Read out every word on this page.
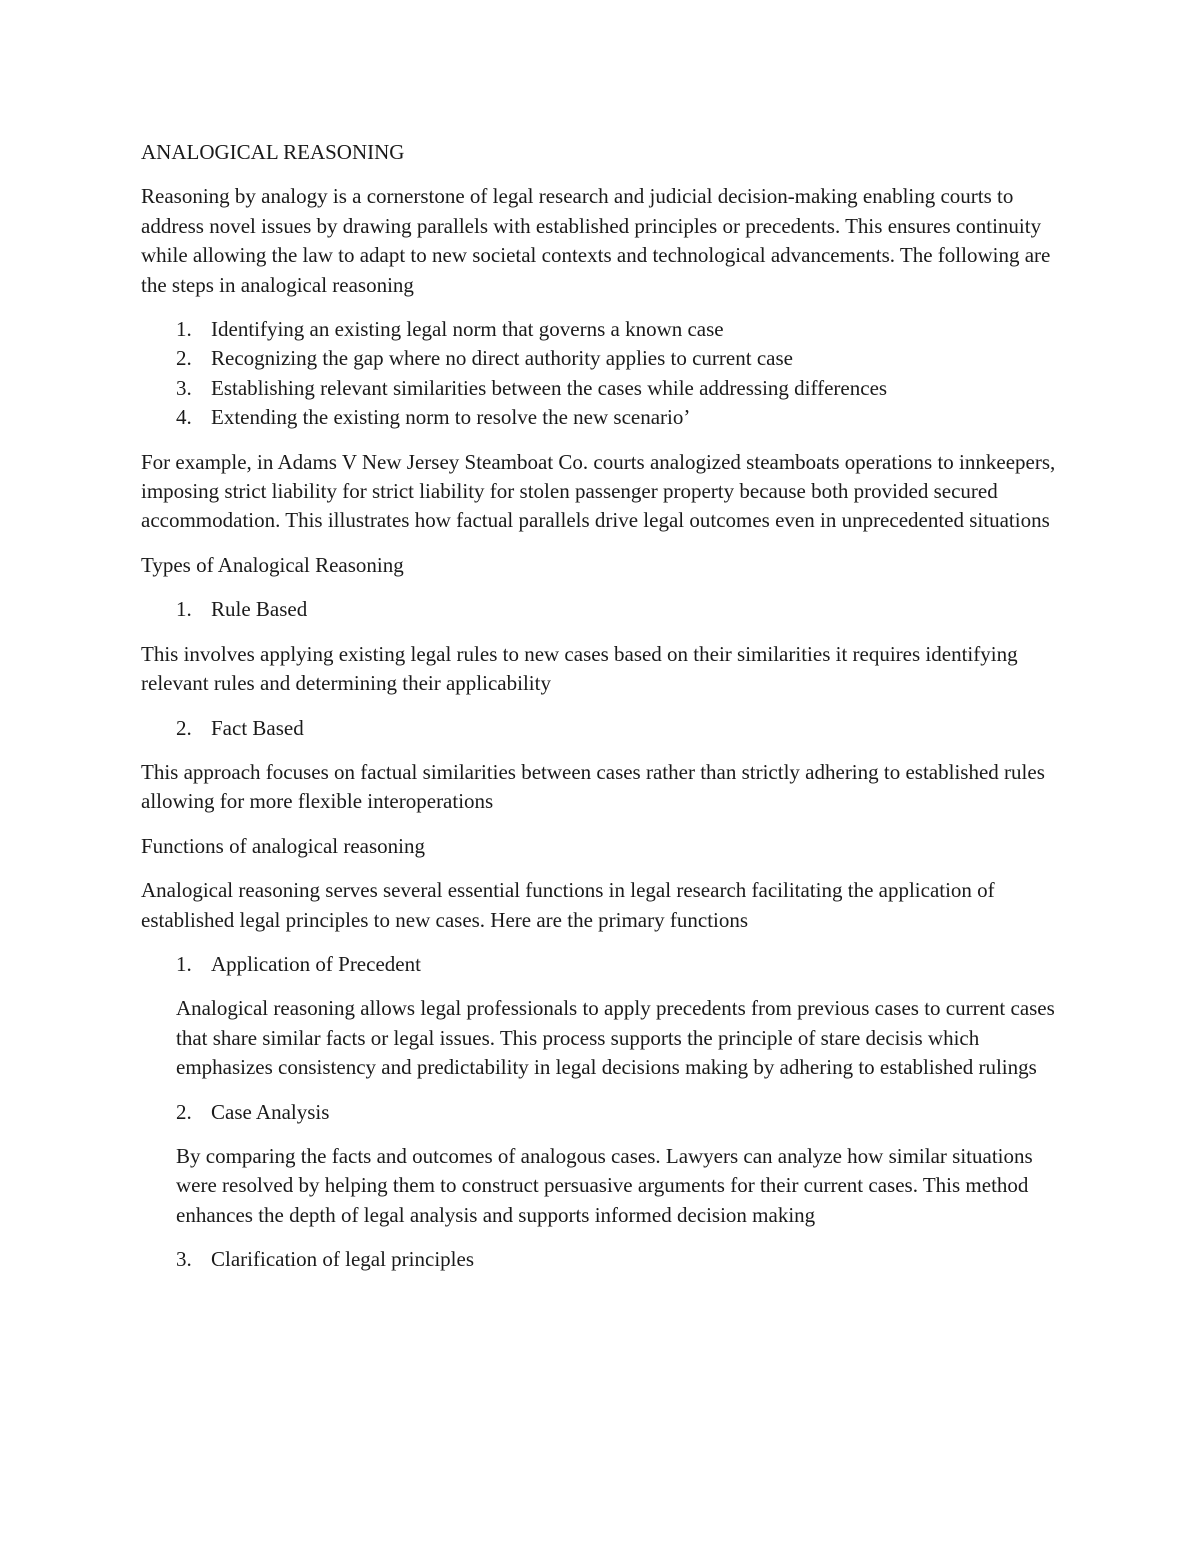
ANALOGICAL REASONING

Reasoning by analogy is a cornerstone of legal research and judicial decision-making enabling courts to address novel issues by drawing parallels with established principles or precedents. This ensures continuity while allowing the law to adapt to new societal contexts and technological advancements. The following are the steps in analogical reasoning

1. Identifying an existing legal norm that governs a known case
2. Recognizing the gap where no direct authority applies to current case
3. Establishing relevant similarities between the cases while addressing differences
4. Extending the existing norm to resolve the new scenario’

For example, in Adams V New Jersey Steamboat Co. courts analogized steamboats operations to innkeepers, imposing strict liability for strict liability for stolen passenger property because both provided secured accommodation. This illustrates how factual parallels drive legal outcomes even in unprecedented situations

Types of Analogical Reasoning

1. Rule Based

This involves applying existing legal rules to new cases based on their similarities it requires identifying relevant rules and determining their applicability

2. Fact Based

This approach focuses on factual similarities between cases rather than strictly adhering to established rules allowing for more flexible interoperations

Functions of analogical reasoning

Analogical reasoning serves several essential functions in legal research facilitating the application of established legal principles to new cases. Here are the primary functions

1. Application of Precedent

Analogical reasoning allows legal professionals to apply precedents from previous cases to current cases that share similar facts or legal issues. This process supports the principle of stare decisis which emphasizes consistency and predictability in legal decisions making by adhering to established rulings

2. Case Analysis

By comparing the facts and outcomes of analogous cases. Lawyers can analyze how similar situations were resolved by helping them to construct persuasive arguments for their current cases. This method enhances the depth of legal analysis and supports informed decision making

3. Clarification of legal principles
